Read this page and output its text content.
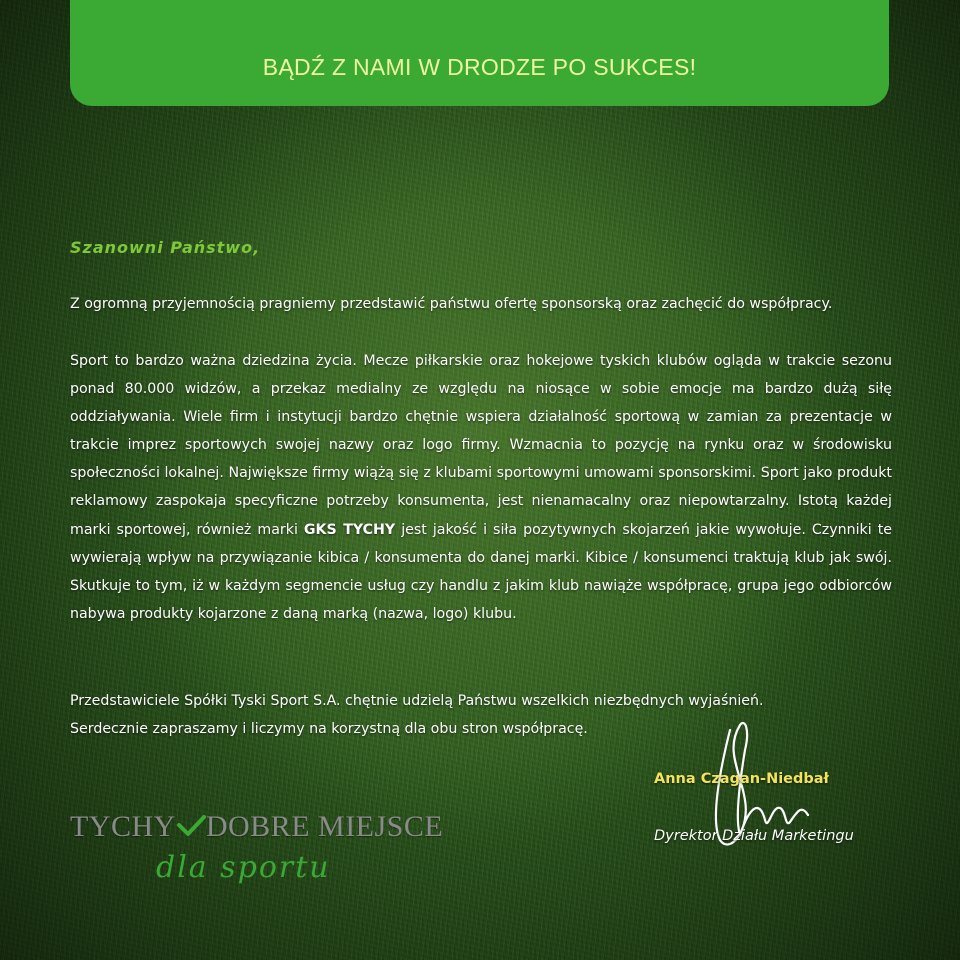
BĄDŹ Z NAMI W DRODZE PO SUKCES!
Szanowni Państwo,
Z ogromną przyjemnością pragniemy przedstawić państwu ofertę sponsorską oraz zachęcić do współpracy.
Sport to bardzo ważna dziedzina życia. Mecze piłkarskie oraz hokejowe tyskich klubów ogląda w trakcie sezonu ponad 80.000 widzów, a przekaz medialny ze względu na niosące w sobie emocje ma bardzo dużą siłę oddziaływania. Wiele firm i instytucji bardzo chętnie wspiera działalność sportową w zamian za prezentacje w trakcie imprez sportowych swojej nazwy oraz logo firmy. Wzmacnia to pozycję na rynku oraz w środowisku społeczności lokalnej. Największe firmy wiążą się z klubami sportowymi umowami sponsorskimi. Sport jako produkt reklamowy zaspokaja specyficzne potrzeby konsumenta, jest nienamacalny oraz niepowtarzalny. Istotą każdej marki sportowej, również marki GKS TYCHY jest jakość i siła pozytywnych skojarzeń jakie wywołuje. Czynniki te wywierają wpływ na przywiązanie kibica / konsumenta do danej marki. Kibice / konsumenci traktują klub jak swój. Skutkuje to tym, iż w każdym segmencie usług czy handlu z jakim klub nawiąże współpracę, grupa jego odbiorców nabywa produkty kojarzone z daną marką (nazwa, logo) klubu.
Przedstawiciele Spółki Tyski Sport S.A. chętnie udzielą Państwu wszelkich niezbędnych wyjaśnień.
Serdecznie zapraszamy i liczymy na korzystną dla obu stron współpracę.
TYCHY DOBRE MIEJSCE
dla sportu
Anna Czagan-Niedbał
Dyrektor Działu Marketingu
